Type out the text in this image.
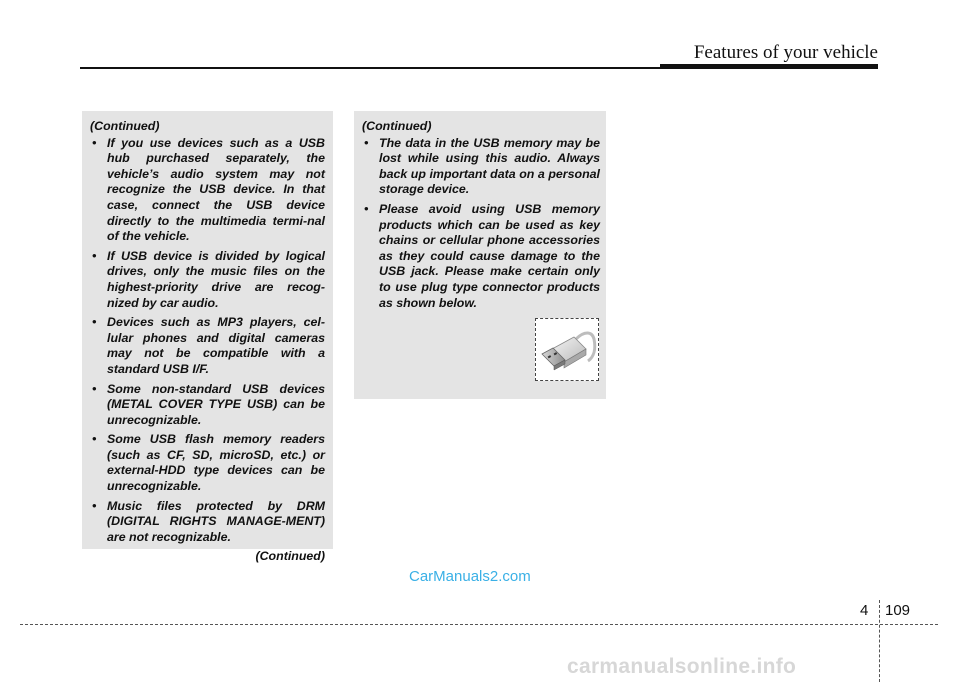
Features of your vehicle
(Continued)
• If you use devices such as a USB hub purchased separately, the vehicle’s audio system may not recognize the USB device. In that case, connect the USB device directly to the multimedia termi-nal of the vehicle.
• If USB device is divided by logical drives, only the music files on the highest-priority drive are recog-nized by car audio.
• Devices such as MP3 players, cel-lular phones and digital cameras may not be compatible with a standard USB I/F.
• Some non-standard USB devices (METAL COVER TYPE USB) can be unrecognizable.
• Some USB flash memory readers (such as CF, SD, microSD, etc.) or external-HDD type devices can be unrecognizable.
• Music files protected by DRM (DIGITAL RIGHTS MANAGE-MENT) are not recognizable.
(Continued)
(Continued)
• The data in the USB memory may be lost while using this audio. Always back up important data on a personal storage device.
• Please avoid using USB memory products which can be used as key chains or cellular phone accessories as they could cause damage to the USB jack. Please make certain only to use plug type connector products as shown below.
CarManuals2.com
4 109
carmanualsonline.info
